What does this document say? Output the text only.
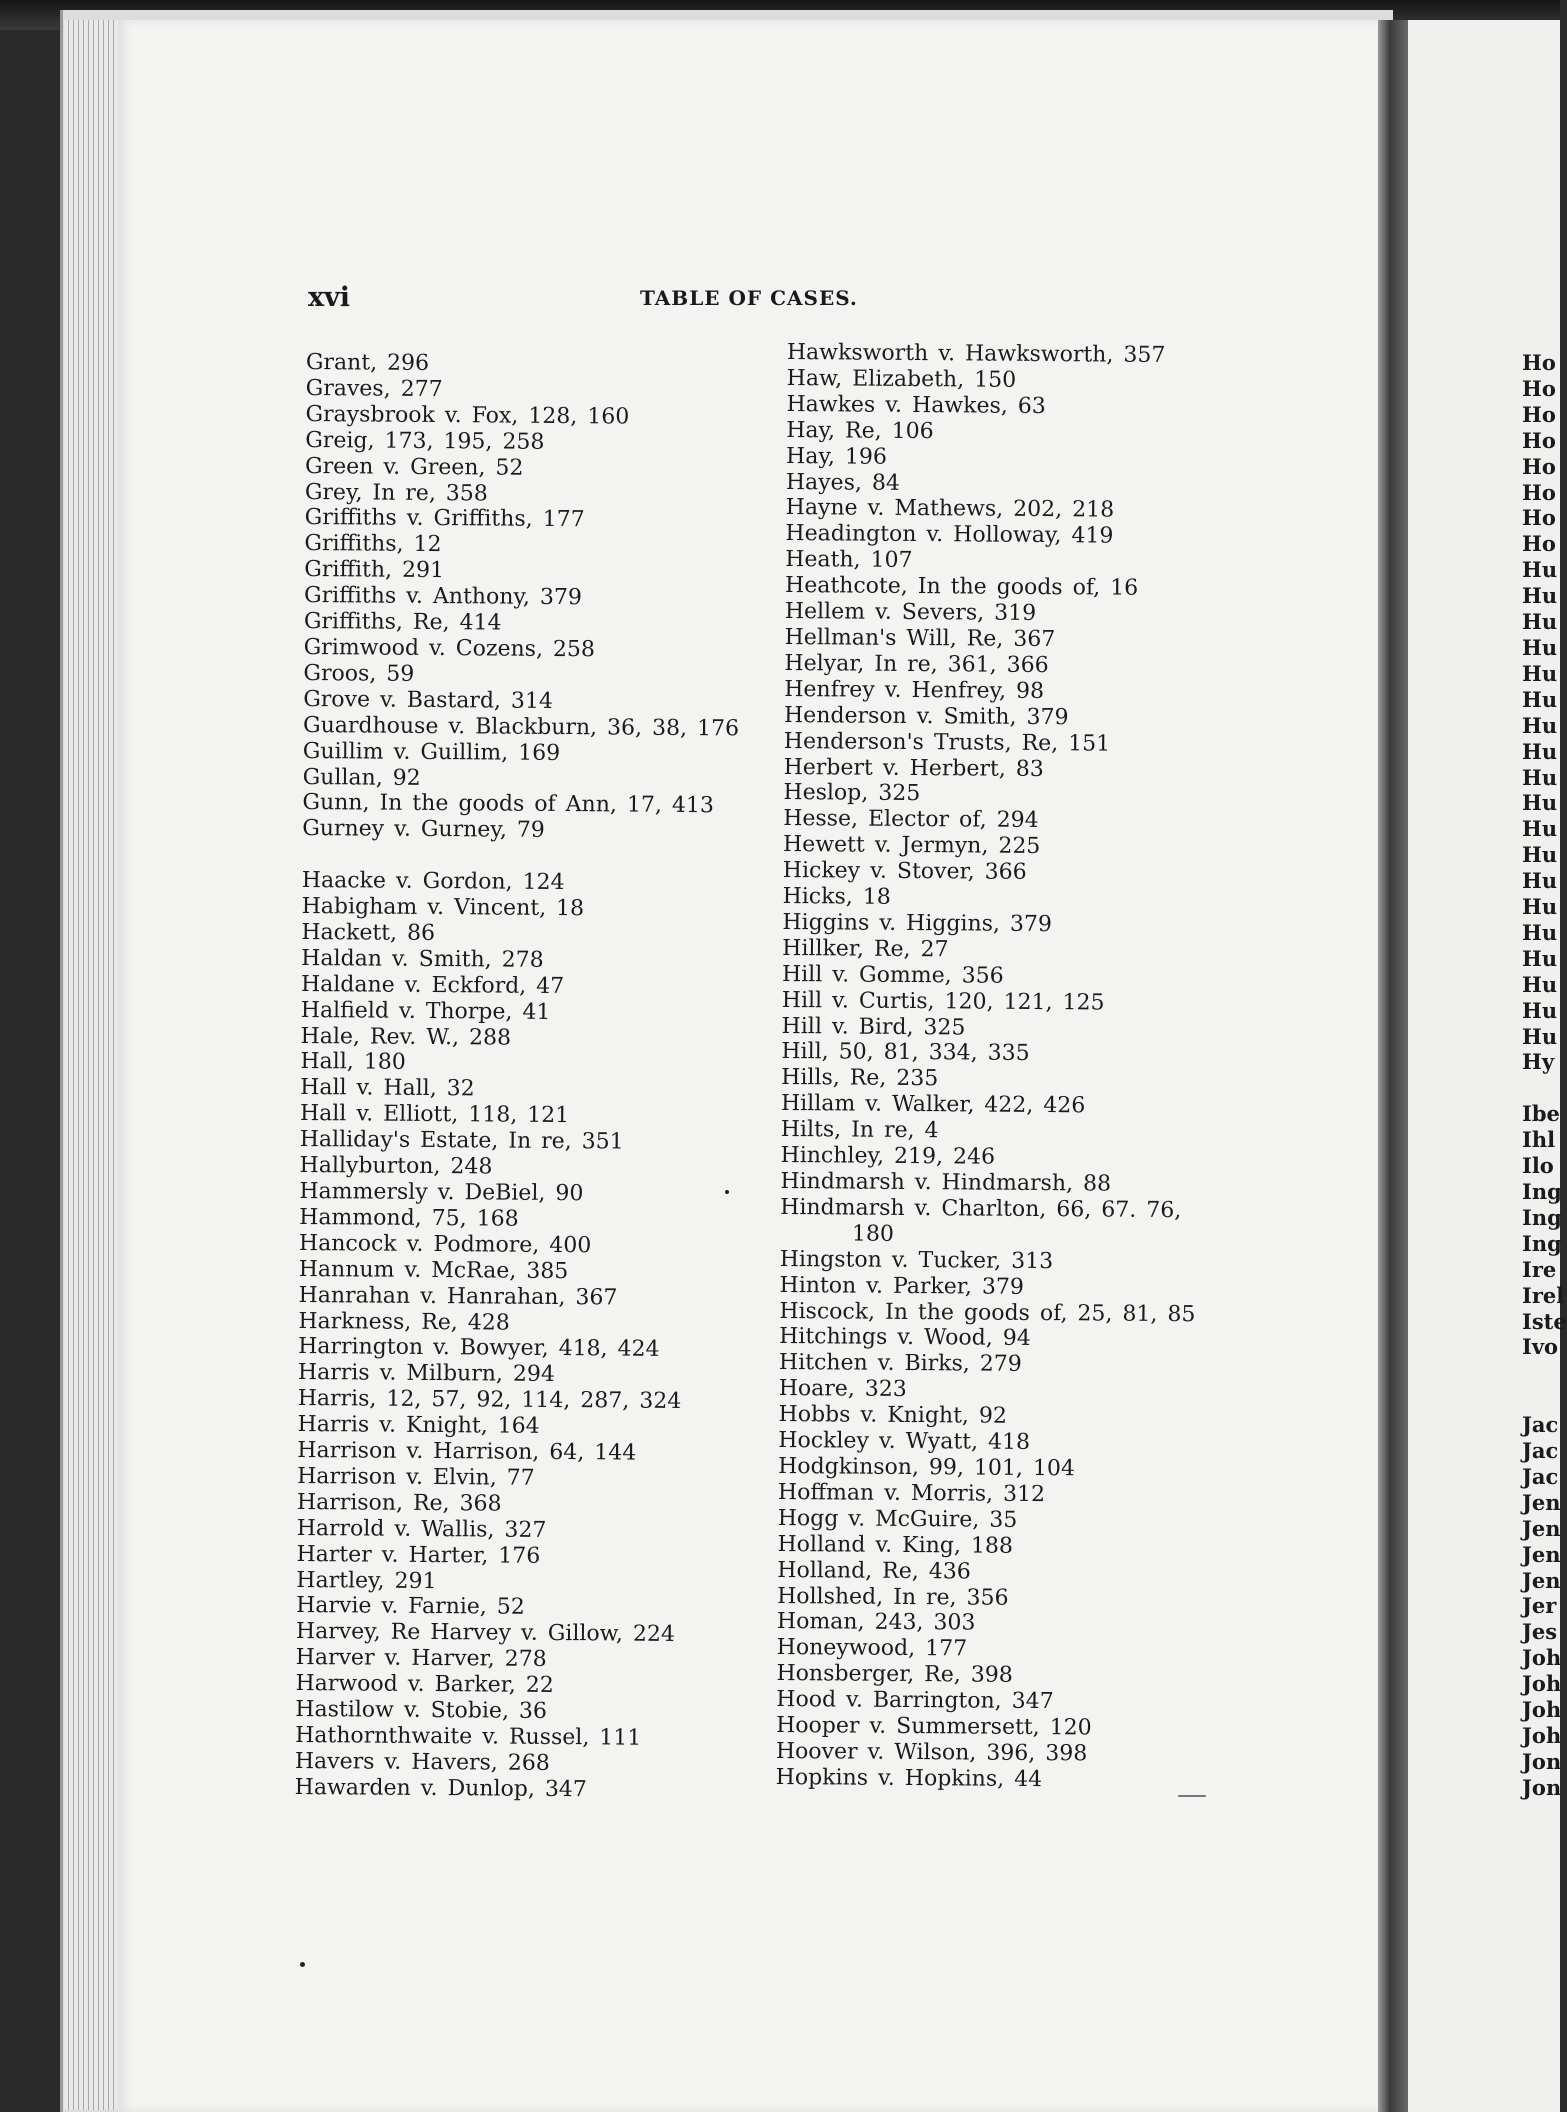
xvi	TABLE OF CASES.
Grant, 296
Graves, 277
Graysbrook v. Fox, 128, 160
Greig, 173, 195, 258
Green v. Green, 52
Grey, In re, 358
Griffiths v. Griffiths, 177
Griffiths, 12
Griffith, 291
Griffiths v. Anthony, 379
Griffiths, Re, 414
Grimwood v. Cozens, 258
Groos, 59
Grove v. Bastard, 314
Guardhouse v. Blackburn, 36, 38, 176
Guillim v. Guillim, 169
Gullan, 92
Gunn, In the goods of Ann, 17, 413
Gurney v. Gurney, 79
Haacke v. Gordon, 124
Habigham v. Vincent, 18
Hackett, 86
Haldan v. Smith, 278
Haldane v. Eckford, 47
Halfield v. Thorpe, 41
Hale, Rev. W., 288
Hall, 180
Hall v. Hall, 32
Hall v. Elliott, 118, 121
Halliday's Estate, In re, 351
Hallyburton, 248
Hammersly v. DeBiel, 90
Hammond, 75, 168
Hancock v. Podmore, 400
Hannum v. McRae, 385
Hanrahan v. Hanrahan, 367
Harkness, Re, 428
Harrington v. Bowyer, 418, 424
Harris v. Milburn, 294
Harris, 12, 57, 92, 114, 287, 324
Harris v. Knight, 164
Harrison v. Harrison, 64, 144
Harrison v. Elvin, 77
Harrison, Re, 368
Harrold v. Wallis, 327
Harter v. Harter, 176
Hartley, 291
Harvie v. Farnie, 52
Harvey, Re Harvey v. Gillow, 224
Harver v. Harver, 278
Harwood v. Barker, 22
Hastilow v. Stobie, 36
Hathornthwaite v. Russel, 111
Havers v. Havers, 268
Hawarden v. Dunlop, 347
Hawksworth v. Hawksworth, 357
Haw, Elizabeth, 150
Hawkes v. Hawkes, 63
Hay, Re, 106
Hay, 196
Hayes, 84
Hayne v. Mathews, 202, 218
Headington v. Holloway, 419
Heath, 107
Heathcote, In the goods of, 16
Hellem v. Severs, 319
Hellman's Will, Re, 367
Helyar, In re, 361, 366
Henfrey v. Henfrey, 98
Henderson v. Smith, 379
Henderson's Trusts, Re, 151
Herbert v. Herbert, 83
Heslop, 325
Hesse, Elector of, 294
Hewett v. Jermyn, 225
Hickey v. Stover, 366
Hicks, 18
Higgins v. Higgins, 379
Hillker, Re, 27
Hill v. Gomme, 356
Hill v. Curtis, 120, 121, 125
Hill v. Bird, 325
Hill, 50, 81, 334, 335
Hills, Re, 235
Hillam v. Walker, 422, 426
Hilts, In re, 4
Hinchley, 219, 246
Hindmarsh v. Hindmarsh, 88
Hindmarsh v. Charlton, 66, 67. 76,
180
Hingston v. Tucker, 313
Hinton v. Parker, 379
Hiscock, In the goods of, 25, 81, 85
Hitchings v. Wood, 94
Hitchen v. Birks, 279
Hoare, 323
Hobbs v. Knight, 92
Hockley v. Wyatt, 418
Hodgkinson, 99, 101, 104
Hoffman v. Morris, 312
Hogg v. McGuire, 35
Holland v. King, 188
Holland, Re, 436
Hollshed, In re, 356
Homan, 243, 303
Honeywood, 177
Honsberger, Re, 398
Hood v. Barrington, 347
Hooper v. Summersett, 120
Hoover v. Wilson, 396, 398
Hopkins v. Hopkins, 44
Ho
Ho
Ho
Ho
Ho
Ho
Ho
Ho
Hu
Hu
Hu
Hu
Hu
Hu
Hu
Hu
Hu
Hu
Hu
Hu
Hu
Hu
Hu
Hu
Hu
Hu
Hu
Hy
Ibe
Ihl
Ilo
Ing
Ing
Ing
Ire
Irel
Iste
Ivo
Jac
Jac
Jac
Jen
Jen
Jen
Jen
Jer
Jes
Joh
Joh
Joh
Joh
Jon
Jon
